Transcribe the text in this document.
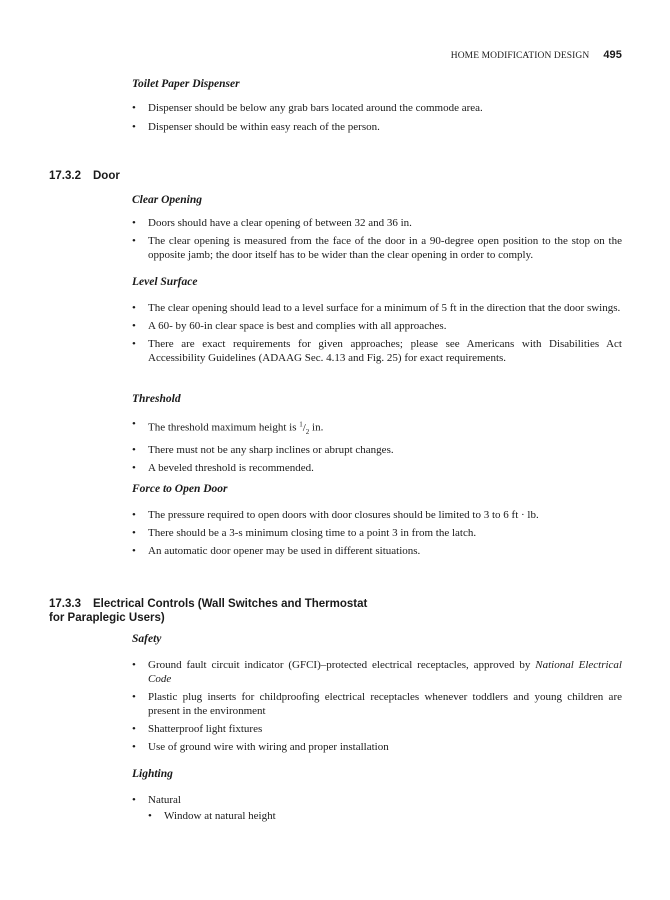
HOME MODIFICATION DESIGN 495
Toilet Paper Dispenser
• Dispenser should be below any grab bars located around the commode area.
• Dispenser should be within easy reach of the person.
17.3.2 Door
Clear Opening
• Doors should have a clear opening of between 32 and 36 in.
• The clear opening is measured from the face of the door in a 90-degree open position to the stop on the opposite jamb; the door itself has to be wider than the clear opening in order to comply.
Level Surface
• The clear opening should lead to a level surface for a minimum of 5 ft in the direction that the door swings.
• A 60- by 60-in clear space is best and complies with all approaches.
• There are exact requirements for given approaches; please see Americans with Disabilities Act Accessibility Guidelines (ADAAG Sec. 4.13 and Fig. 25) for exact requirements.
Threshold
• The threshold maximum height is $^1/_2$ in.
• There must not be any sharp inclines or abrupt changes.
• A beveled threshold is recommended.
Force to Open Door
• The pressure required to open doors with door closures should be limited to 3 to 6 ft · lb.
• There should be a 3-s minimum closing time to a point 3 in from the latch.
• An automatic door opener may be used in different situations.
17.3.3 Electrical Controls (Wall Switches and Thermostat
for Paraplegic Users)
Safety
• Ground fault circuit indicator (GFCI)–protected electrical receptacles, approved by National Electrical Code
• Plastic plug inserts for childproofing electrical receptacles whenever toddlers and young children are present in the environment
• Shatterproof light fixtures
• Use of ground wire with wiring and proper installation
Lighting
• Natural
• Window at natural height
